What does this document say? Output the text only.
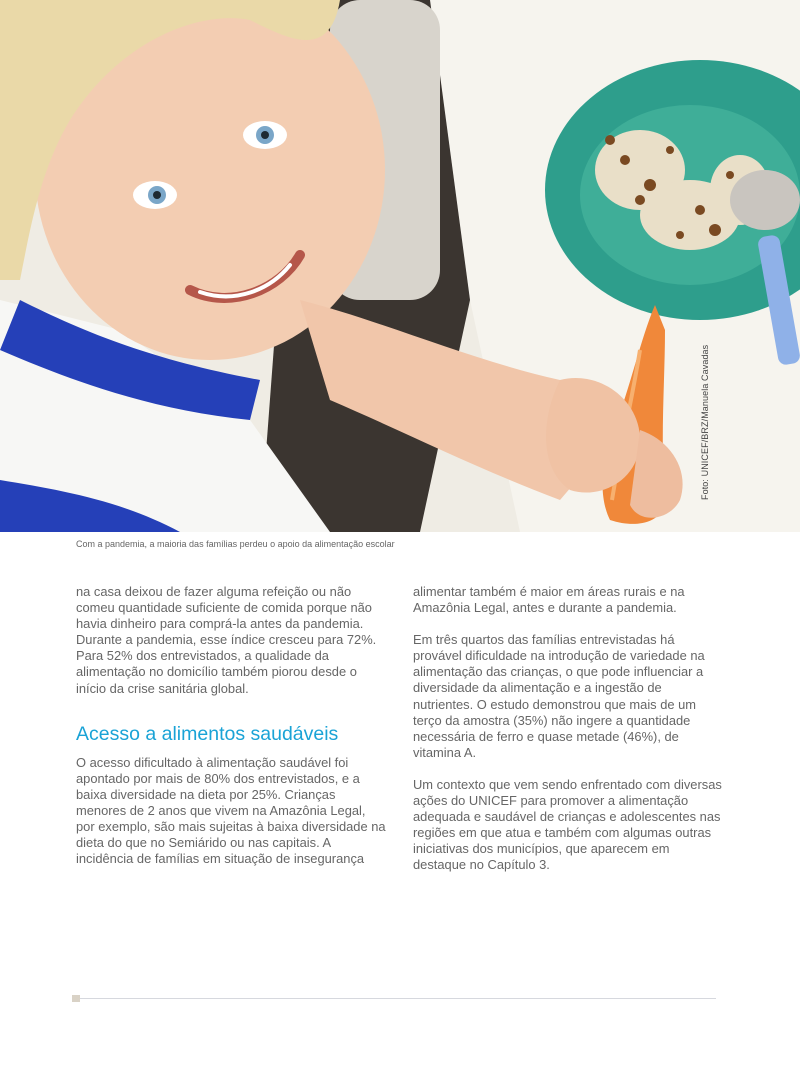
Foto: UNICEF/BRZ/Manuela Cavadas
Com a pandemia, a maioria das famílias perdeu o apoio da alimentação escolar

na casa deixou de fazer alguma refeição ou não comeu quantidade suficiente de comida porque não havia dinheiro para comprá-la antes da pandemia. Durante a pandemia, esse índice cresceu para 72%. Para 52% dos entrevistados, a qualidade da alimentação no domicílio também piorou desde o início da crise sanitária global.

Acesso a alimentos saudáveis

O acesso dificultado à alimentação saudável foi apontado por mais de 80% dos entrevistados, e a baixa diversidade na dieta por 25%. Crianças menores de 2 anos que vivem na Amazônia Legal, por exemplo, são mais sujeitas à baixa diversidade na dieta do que no Semiárido ou nas capitais. A incidência de famílias em situação de insegurança

alimentar também é maior em áreas rurais e na Amazônia Legal, antes e durante a pandemia.

Em três quartos das famílias entrevistadas há provável dificuldade na introdução de variedade na alimentação das crianças, o que pode influenciar a diversidade da alimentação e a ingestão de nutrientes. O estudo demonstrou que mais de um terço da amostra (35%) não ingere a quantidade necessária de ferro e quase metade (46%), de vitamina A.

Um contexto que vem sendo enfrentado com diversas ações do UNICEF para promover a alimentação adequada e saudável de crianças e adolescentes nas regiões em que atua e também com algumas outras iniciativas dos municípios, que aparecem em destaque no Capítulo 3.
